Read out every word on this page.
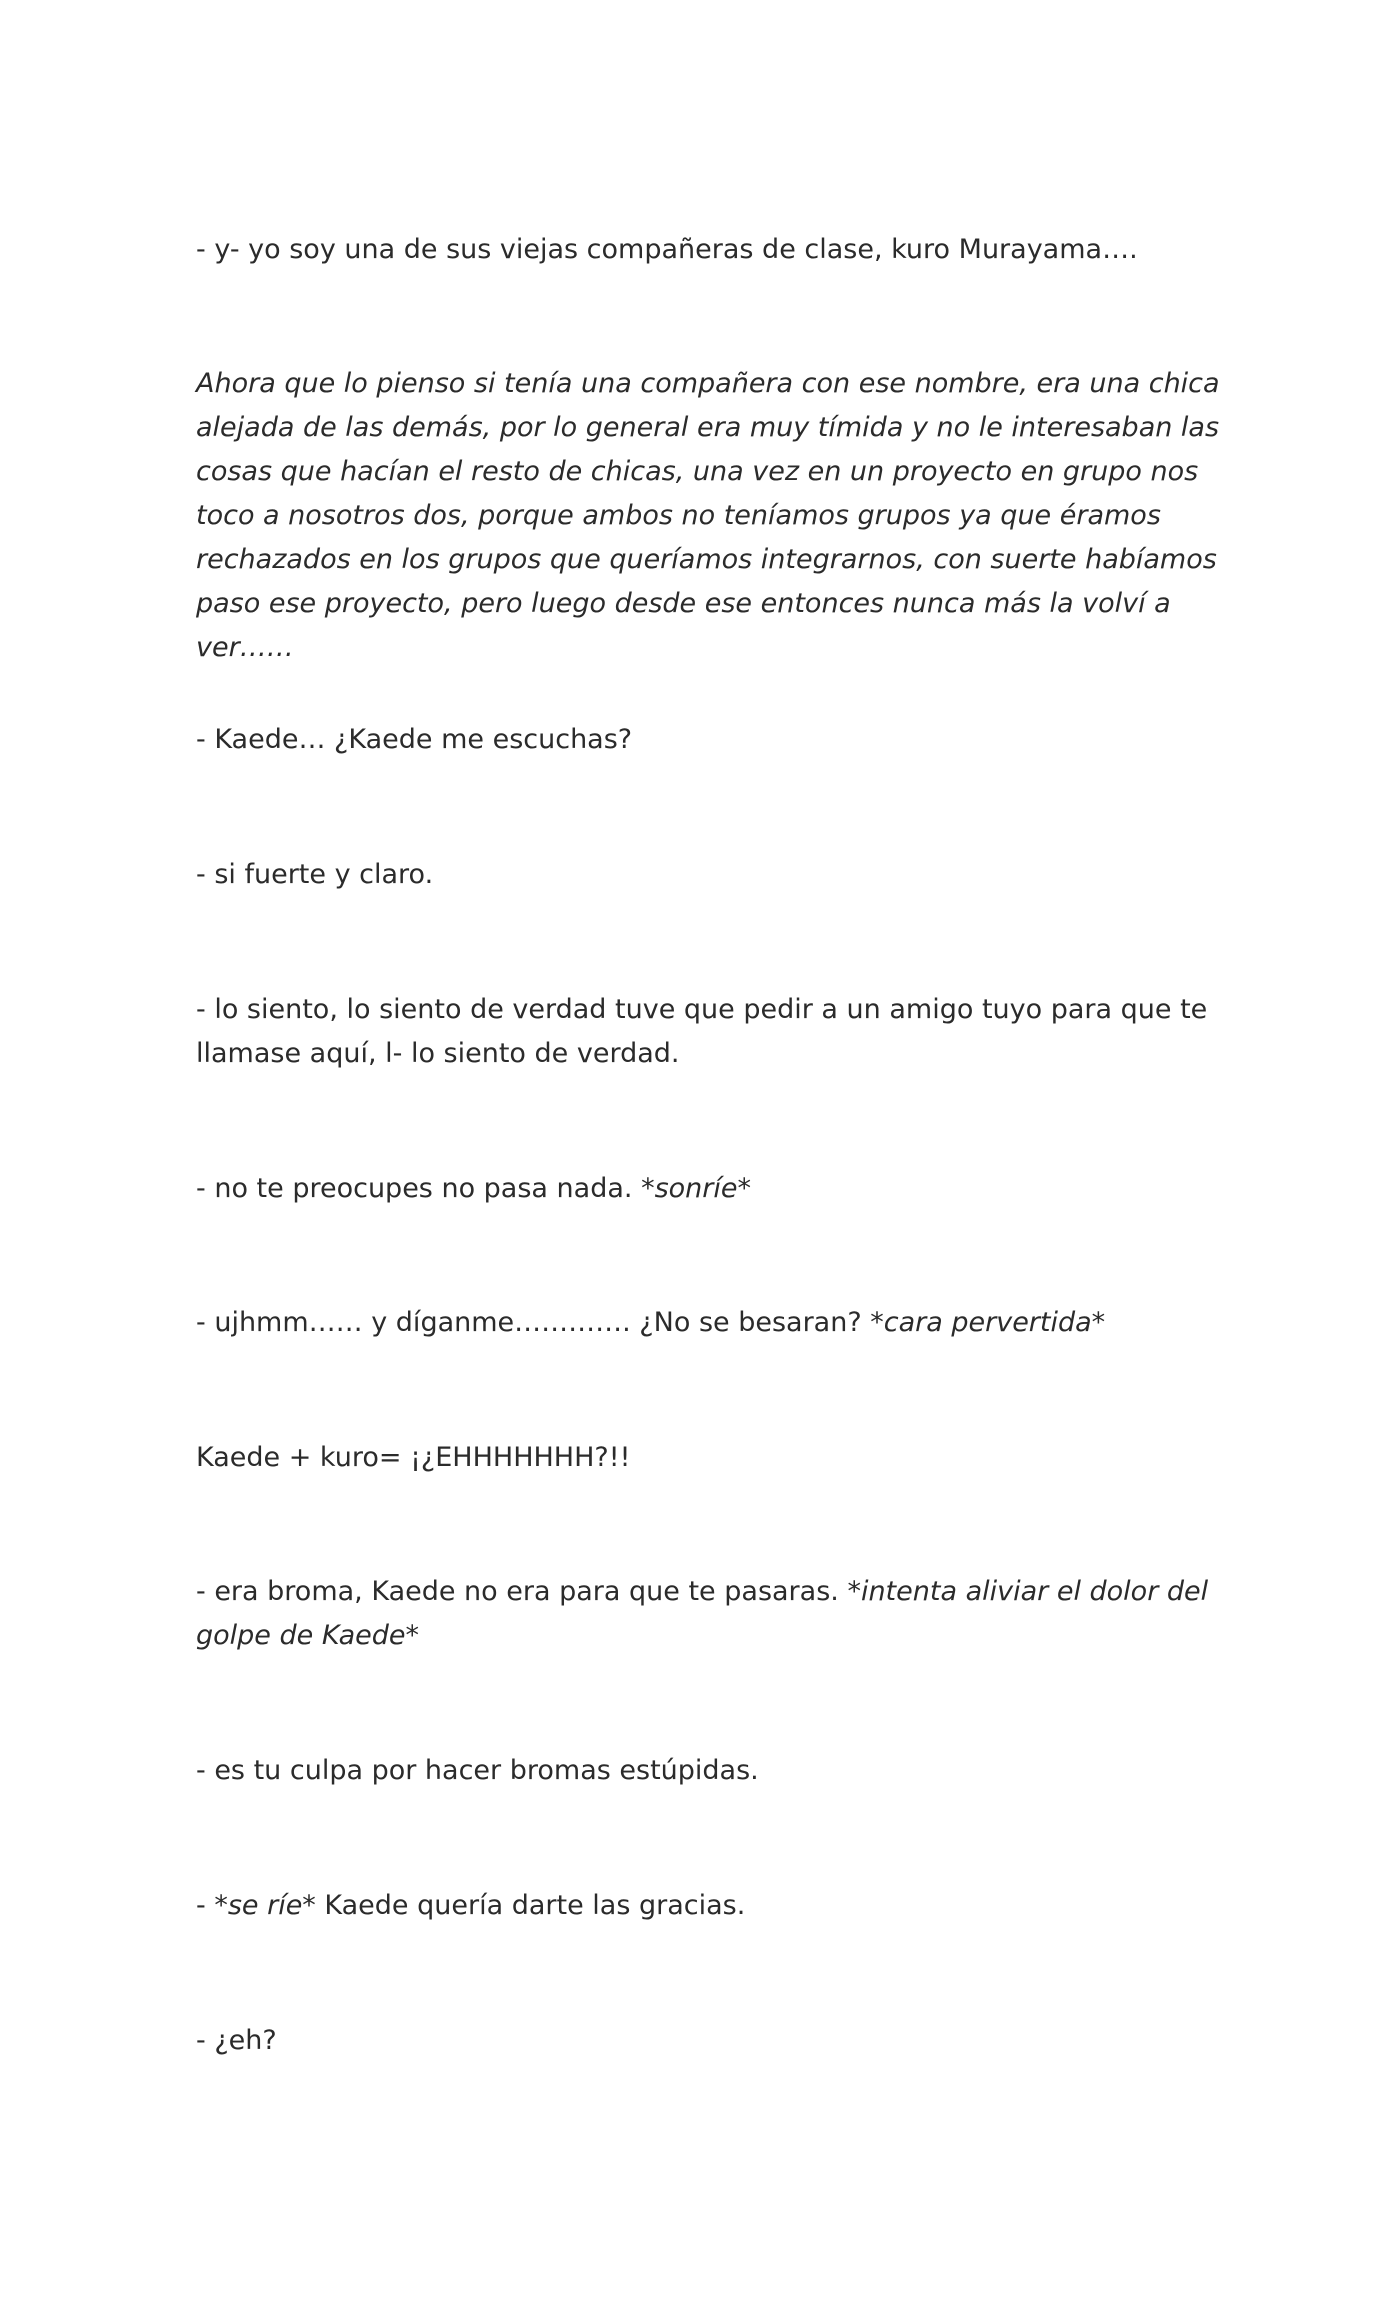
- y- yo soy una de sus viejas compañeras de clase, kuro Murayama….

Ahora que lo pienso si tenía una compañera con ese nombre, era una chica alejada de las demás, por lo general era muy tímida y no le interesaban las cosas que hacían el resto de chicas, una vez en un proyecto en grupo nos toco a nosotros dos, porque ambos no teníamos grupos ya que éramos rechazados en los grupos que queríamos integrarnos, con suerte habíamos paso ese proyecto, pero luego desde ese entonces nunca más la volví a ver……

- Kaede… ¿Kaede me escuchas?

- si fuerte y claro.

- lo siento, lo siento de verdad tuve que pedir a un amigo tuyo para que te llamase aquí, l- lo siento de verdad.

- no te preocupes no pasa nada. *sonríe*

- ujhmm…… y díganme…………. ¿No se besaran? *cara pervertida*

Kaede + kuro= ¡¿EHHHHHHH?!!

- era broma, Kaede no era para que te pasaras. *intenta aliviar el dolor del golpe de Kaede*

- es tu culpa por hacer bromas estúpidas.

- *se ríe* Kaede quería darte las gracias.

- ¿eh?
